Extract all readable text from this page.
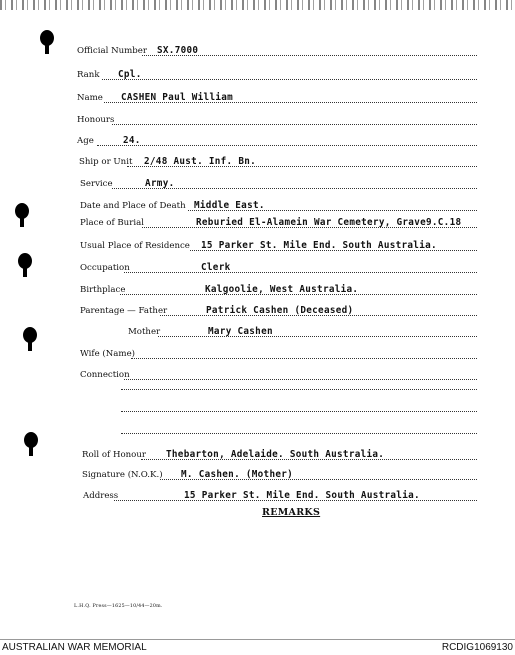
Official Number SX.7000
Rank Cpl.
Name CASHEN Paul William
Honours
Age	24.
Ship or Unit 2/48 Aust. Inf. Bn.
Service	Army.
Date and Place of Death Middle East.
Place of Burial	Reburied El-Alamein War Cemetery, Grave9.C.18
Usual Place of Residence 15 Parker St. Mile End. South Australia.
Occupation	Clerk
Birthplace	Kalgoolie, West Australia.
Parentage — Father	Patrick Cashen (Deceased)
Mother	Mary Cashen
Wife (Name)
Connection
Roll of Honour Thebarton, Adelaide. South Australia.
Signature (N.O.K.) M. Cashen. (Mother)
Address	15 Parker St. Mile End. South Australia.
REMARKS
L.H.Q. Press—1625—10/44—20m.
AUSTRALIAN WAR MEMORIAL	RCDIG1069130
